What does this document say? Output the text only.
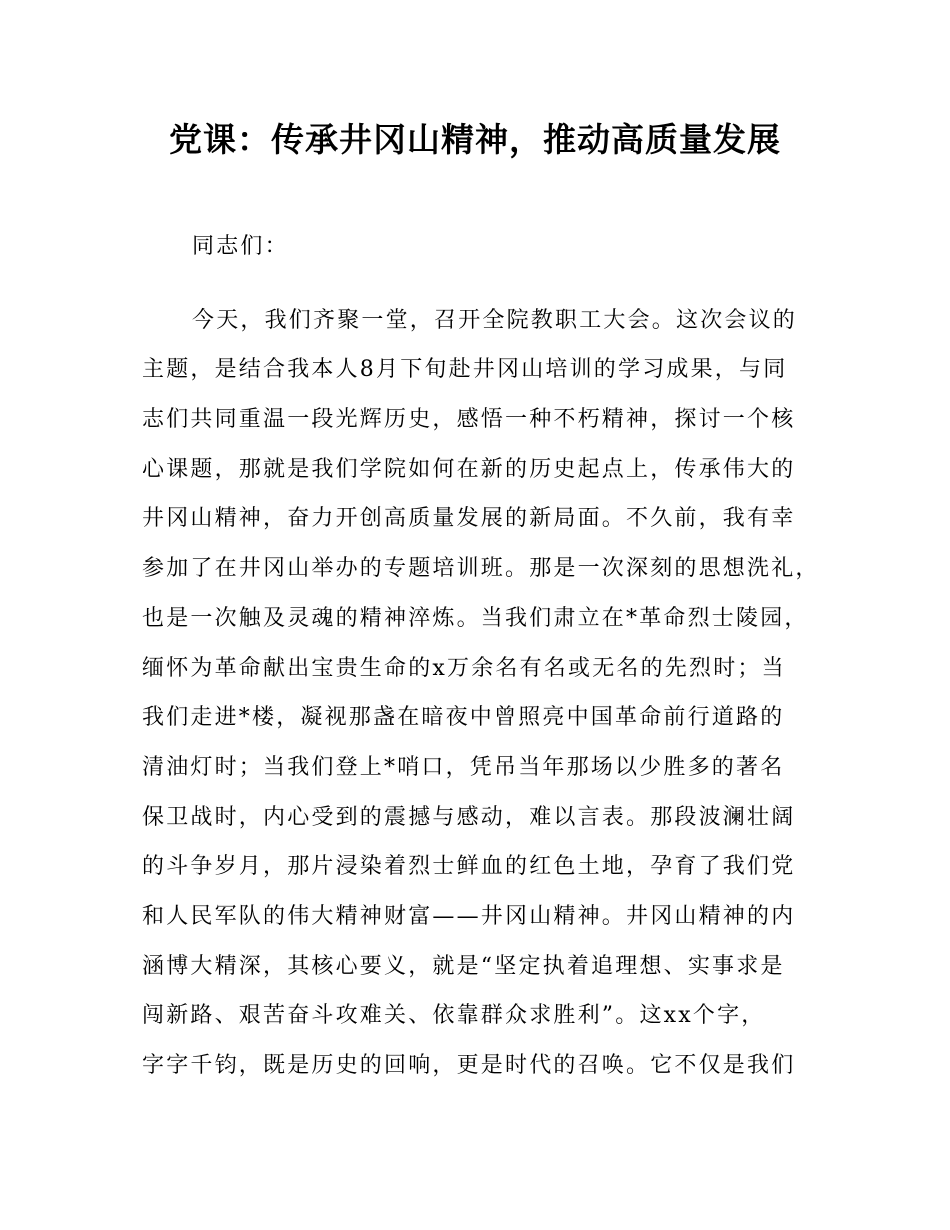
党课：传承井冈山精神，推动高质量发展
同志们：
今天，我们齐聚一堂，召开全院教职工大会。这次会议的
主题，是结合我本人8月下旬赴井冈山培训的学习成果，与同
志们共同重温一段光辉历史，感悟一种不朽精神，探讨一个核
心课题，那就是我们学院如何在新的历史起点上，传承伟大的
井冈山精神，奋力开创高质量发展的新局面。不久前，我有幸
参加了在井冈山举办的专题培训班。那是一次深刻的思想洗礼，
也是一次触及灵魂的精神淬炼。当我们肃立在*革命烈士陵园，
缅怀为革命献出宝贵生命的x万余名有名或无名的先烈时；当
我们走进*楼，凝视那盏在暗夜中曾照亮中国革命前行道路的
清油灯时；当我们登上*哨口，凭吊当年那场以少胜多的著名
保卫战时，内心受到的震撼与感动，难以言表。那段波澜壮阔
的斗争岁月，那片浸染着烈士鲜血的红色土地，孕育了我们党
和人民军队的伟大精神财富——井冈山精神。井冈山精神的内
涵博大精深，其核心要义，就是“坚定执着追理想、实事求是
闯新路、艰苦奋斗攻难关、依靠群众求胜利”。这xx个字，
字字千钧，既是历史的回响，更是时代的召唤。它不仅是我们
